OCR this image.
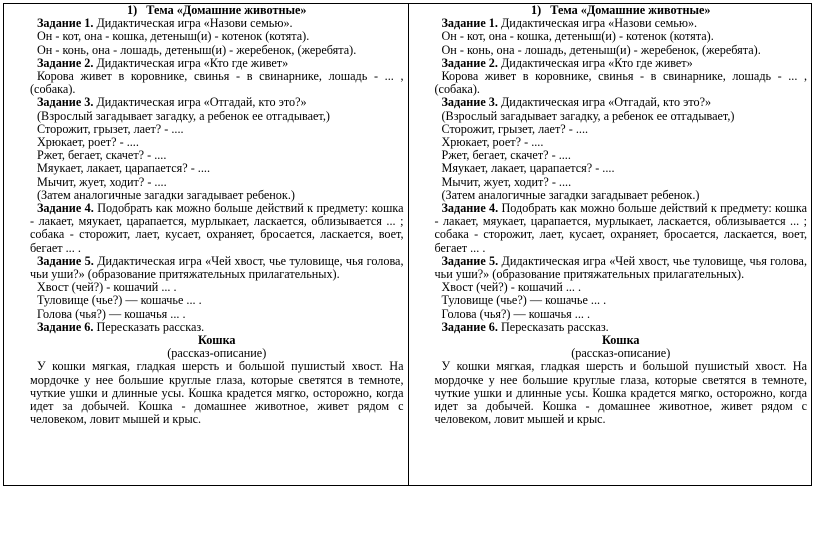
1)   Тема «Домашние животные»

Задание 1. Дидактическая игра «Назови семью».

Он - кот, она - кошка, детеныш(и) - котенок (котята).

Он - конь, она - лошадь, детеныш(и) - жеребенок, (жеребята).

Задание 2. Дидактическая игра «Кто где живет»

Корова живет в коровнике, свинья - в свинарнике, лошадь - ... , (собака).

Задание 3. Дидактическая игра «Отгадай, кто это?»

(Взрослый загадывает загадку, а ребенок ее отгадывает,)

Сторожит, грызет, лает? - ....

Хрюкает, роет? - ....

Ржет, бегает, скачет? - ....

Мяукает, лакает, царапается? - ....

Мычит, жует, ходит? - ....

(Затем аналогичные загадки загадывает ребенок.)

Задание 4. Подобрать как можно больше действий к предмету: кошка - лакает, мяукает, царапается, мурлыкает, ласкается, облизывается ... ; собака - сторожит, лает, кусает, охраняет, бросается, ласкается, воет, бегает ... .

Задание 5. Дидактическая игра «Чей хвост, чье туловище, чья голова, чьи уши?» (образование притяжательных прилагательных).

Хвост (чей?) - кошачий ... .

Туловище (чье?) — кошачье ... .

Голова (чья?) — кошачья ... .

Задание 6. Пересказать рассказ.

Кошка

(рассказ-описание)

У кошки мягкая, гладкая шерсть и большой пушистый хвост. На мордочке у нее большие круглые глаза, которые светятся в темноте, чуткие ушки и длинные усы. Кошка крадется мягко, осторожно, когда идет за добычей. Кошка - домашнее животное, живет рядом с человеком, ловит мышей и крыс.

1)   Тема «Домашние животные»

Задание 1. Дидактическая игра «Назови семью».

Он - кот, она - кошка, детеныш(и) - котенок (котята).

Он - конь, она - лошадь, детеныш(и) - жеребенок, (жеребята).

Задание 2. Дидактическая игра «Кто где живет»

Корова живет в коровнике, свинья - в свинарнике, лошадь - ... , (собака).

Задание 3. Дидактическая игра «Отгадай, кто это?»

(Взрослый загадывает загадку, а ребенок ее отгадывает,)

Сторожит, грызет, лает? - ....

Хрюкает, роет? - ....

Ржет, бегает, скачет? - ....

Мяукает, лакает, царапается? - ....

Мычит, жует, ходит? - ....

(Затем аналогичные загадки загадывает ребенок.)

Задание 4. Подобрать как можно больше действий к предмету: кошка - лакает, мяукает, царапается, мурлыкает, ласкается, облизывается ... ; собака - сторожит, лает, кусает, охраняет, бросается, ласкается, воет, бегает ... .

Задание 5. Дидактическая игра «Чей хвост, чье туловище, чья голова, чьи уши?» (образование притяжательных прилагательных).

Хвост (чей?) - кошачий ... .

Туловище (чье?) — кошачье ... .

Голова (чья?) — кошачья ... .

Задание 6. Пересказать рассказ.

Кошка

(рассказ-описание)

У кошки мягкая, гладкая шерсть и большой пушистый хвост. На мордочке у нее большие круглые глаза, которые светятся в темноте, чуткие ушки и длинные усы. Кошка крадется мягко, осторожно, когда идет за добычей. Кошка - домашнее животное, живет рядом с человеком, ловит мышей и крыс.
